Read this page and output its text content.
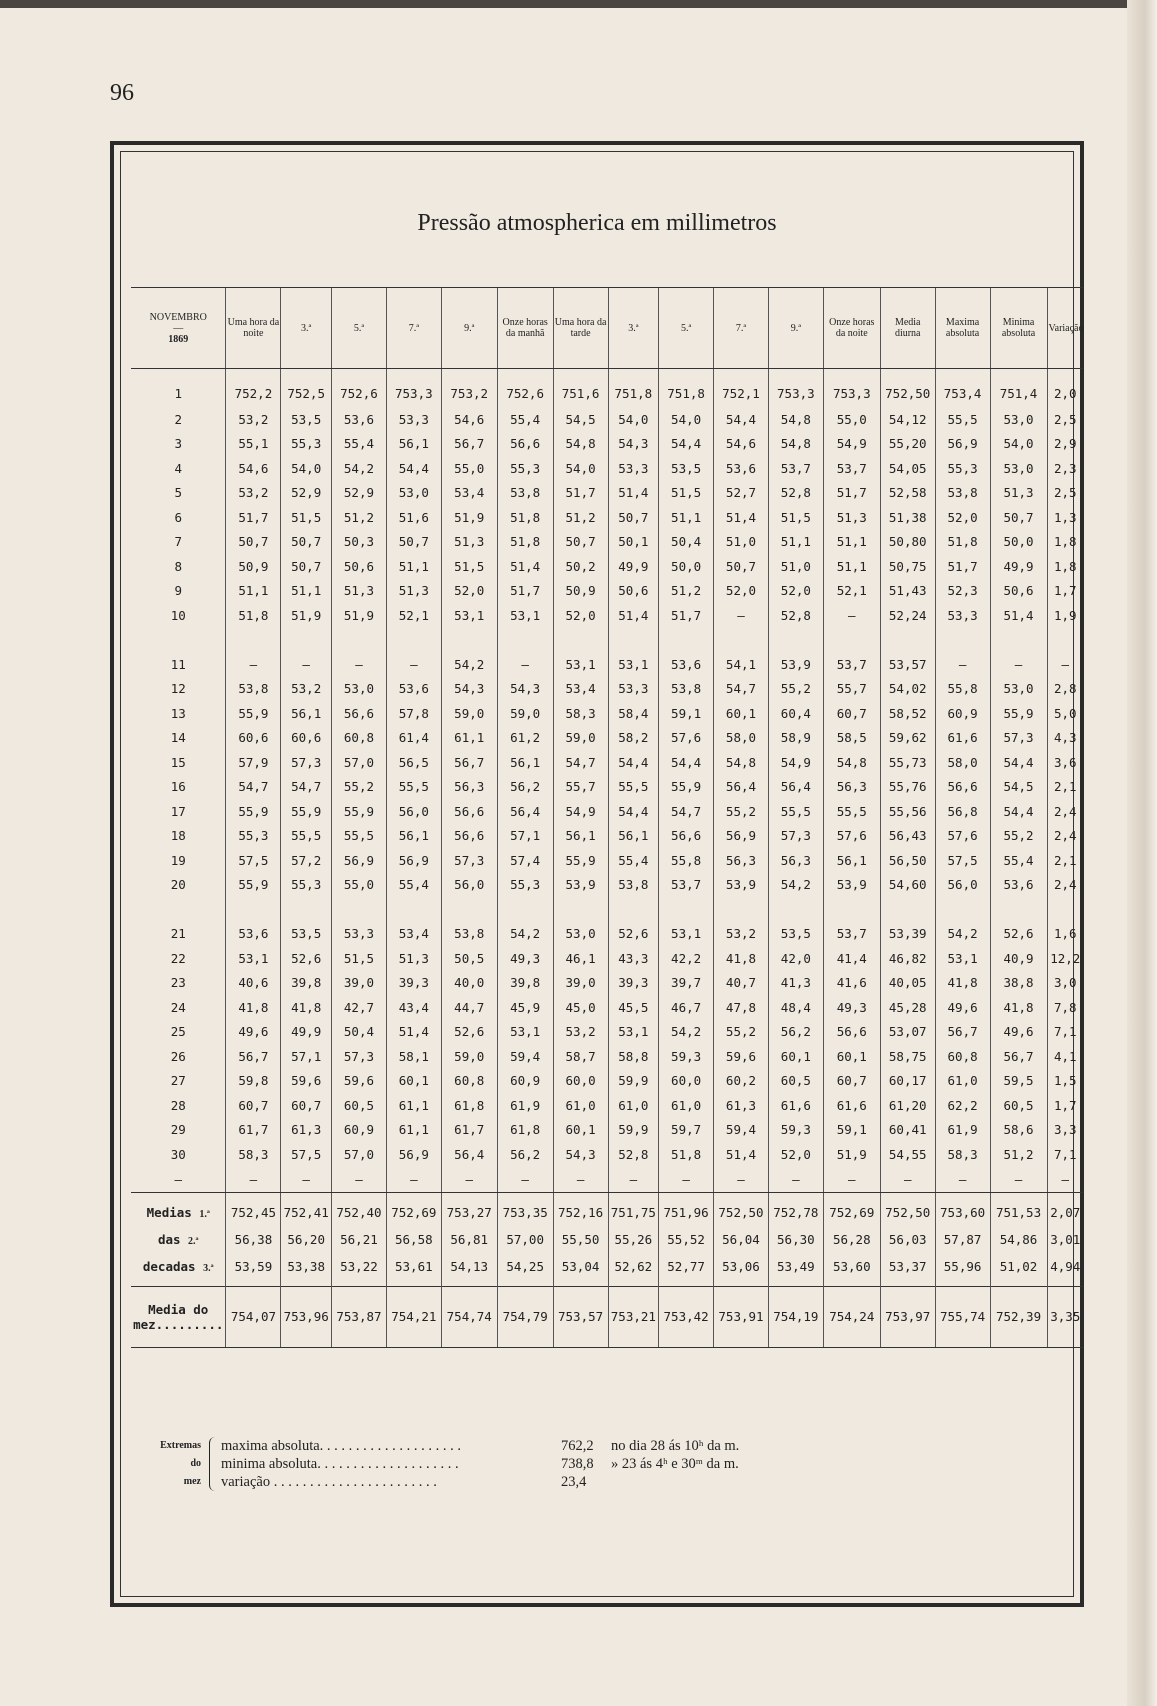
96
Pressão atmospherica em millimetros
NOVEMBRO
—
1869	Uma hora da noite	3.ª	5.ª	7.ª	9.ª	Onze horas da manhã	Uma hora da tarde	3.ª	5.ª	7.ª	9.ª	Onze horas da noite	Media diurna	Maxima absoluta	Minima absoluta	Variação
1	752,2	752,5	752,6	753,3	753,2	752,6	751,6	751,8	751,8	752,1	753,3	753,3	752,50	753,4	751,4	2,0
2	53,2	53,5	53,6	53,3	54,6	55,4	54,5	54,0	54,0	54,4	54,8	55,0	54,12	55,5	53,0	2,5
3	55,1	55,3	55,4	56,1	56,7	56,6	54,8	54,3	54,4	54,6	54,8	54,9	55,20	56,9	54,0	2,9
4	54,6	54,0	54,2	54,4	55,0	55,3	54,0	53,3	53,5	53,6	53,7	53,7	54,05	55,3	53,0	2,3
5	53,2	52,9	52,9	53,0	53,4	53,8	51,7	51,4	51,5	52,7	52,8	51,7	52,58	53,8	51,3	2,5
6	51,7	51,5	51,2	51,6	51,9	51,8	51,2	50,7	51,1	51,4	51,5	51,3	51,38	52,0	50,7	1,3
7	50,7	50,7	50,3	50,7	51,3	51,8	50,7	50,1	50,4	51,0	51,1	51,1	50,80	51,8	50,0	1,8
8	50,9	50,7	50,6	51,1	51,5	51,4	50,2	49,9	50,0	50,7	51,0	51,1	50,75	51,7	49,9	1,8
9	51,1	51,1	51,3	51,3	52,0	51,7	50,9	50,6	51,2	52,0	52,0	52,1	51,43	52,3	50,6	1,7
10	51,8	51,9	51,9	52,1	53,1	53,1	52,0	51,4	51,7	—	52,8	—	52,24	53,3	51,4	1,9

11	—	—	—	—	54,2	—	53,1	53,1	53,6	54,1	53,9	53,7	53,57	—	—	—
12	53,8	53,2	53,0	53,6	54,3	54,3	53,4	53,3	53,8	54,7	55,2	55,7	54,02	55,8	53,0	2,8
13	55,9	56,1	56,6	57,8	59,0	59,0	58,3	58,4	59,1	60,1	60,4	60,7	58,52	60,9	55,9	5,0
14	60,6	60,6	60,8	61,4	61,1	61,2	59,0	58,2	57,6	58,0	58,9	58,5	59,62	61,6	57,3	4,3
15	57,9	57,3	57,0	56,5	56,7	56,1	54,7	54,4	54,4	54,8	54,9	54,8	55,73	58,0	54,4	3,6
16	54,7	54,7	55,2	55,5	56,3	56,2	55,7	55,5	55,9	56,4	56,4	56,3	55,76	56,6	54,5	2,1
17	55,9	55,9	55,9	56,0	56,6	56,4	54,9	54,4	54,7	55,2	55,5	55,5	55,56	56,8	54,4	2,4
18	55,3	55,5	55,5	56,1	56,6	57,1	56,1	56,1	56,6	56,9	57,3	57,6	56,43	57,6	55,2	2,4
19	57,5	57,2	56,9	56,9	57,3	57,4	55,9	55,4	55,8	56,3	56,3	56,1	56,50	57,5	55,4	2,1
20	55,9	55,3	55,0	55,4	56,0	55,3	53,9	53,8	53,7	53,9	54,2	53,9	54,60	56,0	53,6	2,4

21	53,6	53,5	53,3	53,4	53,8	54,2	53,0	52,6	53,1	53,2	53,5	53,7	53,39	54,2	52,6	1,6
22	53,1	52,6	51,5	51,3	50,5	49,3	46,1	43,3	42,2	41,8	42,0	41,4	46,82	53,1	40,9	12,2
23	40,6	39,8	39,0	39,3	40,0	39,8	39,0	39,3	39,7	40,7	41,3	41,6	40,05	41,8	38,8	3,0
24	41,8	41,8	42,7	43,4	44,7	45,9	45,0	45,5	46,7	47,8	48,4	49,3	45,28	49,6	41,8	7,8
25	49,6	49,9	50,4	51,4	52,6	53,1	53,2	53,1	54,2	55,2	56,2	56,6	53,07	56,7	49,6	7,1
26	56,7	57,1	57,3	58,1	59,0	59,4	58,7	58,8	59,3	59,6	60,1	60,1	58,75	60,8	56,7	4,1
27	59,8	59,6	59,6	60,1	60,8	60,9	60,0	59,9	60,0	60,2	60,5	60,7	60,17	61,0	59,5	1,5
28	60,7	60,7	60,5	61,1	61,8	61,9	61,0	61,0	61,0	61,3	61,6	61,6	61,20	62,2	60,5	1,7
29	61,7	61,3	60,9	61,1	61,7	61,8	60,1	59,9	59,7	59,4	59,3	59,1	60,41	61,9	58,6	3,3
30	58,3	57,5	57,0	56,9	56,4	56,2	54,3	52,8	51,8	51,4	52,0	51,9	54,55	58,3	51,2	7,1
—	—	—	—	—	—	—	—	—	—	—	—	—	—	—	—	—
Medias 1.ª	752,45	752,41	752,40	752,69	753,27	753,35	752,16	751,75	751,96	752,50	752,78	752,69	752,50	753,60	751,53	2,07
das 2.ª	56,38	56,20	56,21	56,58	56,81	57,00	55,50	55,26	55,52	56,04	56,30	56,28	56,03	57,87	54,86	3,01
decadas 3.ª	53,59	53,38	53,22	53,61	54,13	54,25	53,04	52,62	52,77	53,06	53,49	53,60	53,37	55,96	51,02	4,94

Media do
mez.........	754,07	753,96	753,87	754,21	754,74	754,79	753,57	753,21	753,42	753,91	754,19	754,24	753,97	755,74	752,39	3,35
Extremas
do
mez
maxima absoluta. . . . . . . . . . . . . . . . . . . .	762,2	no dia 28 ás 10ʰ da m.
minima absoluta. . . . . . . . . . . . . . . . . . . .	738,8	» 23 ás 4ʰ e 30ᵐ da m.
variação . . . . . . . . . . . . . . . . . . . . . . .	23,4
